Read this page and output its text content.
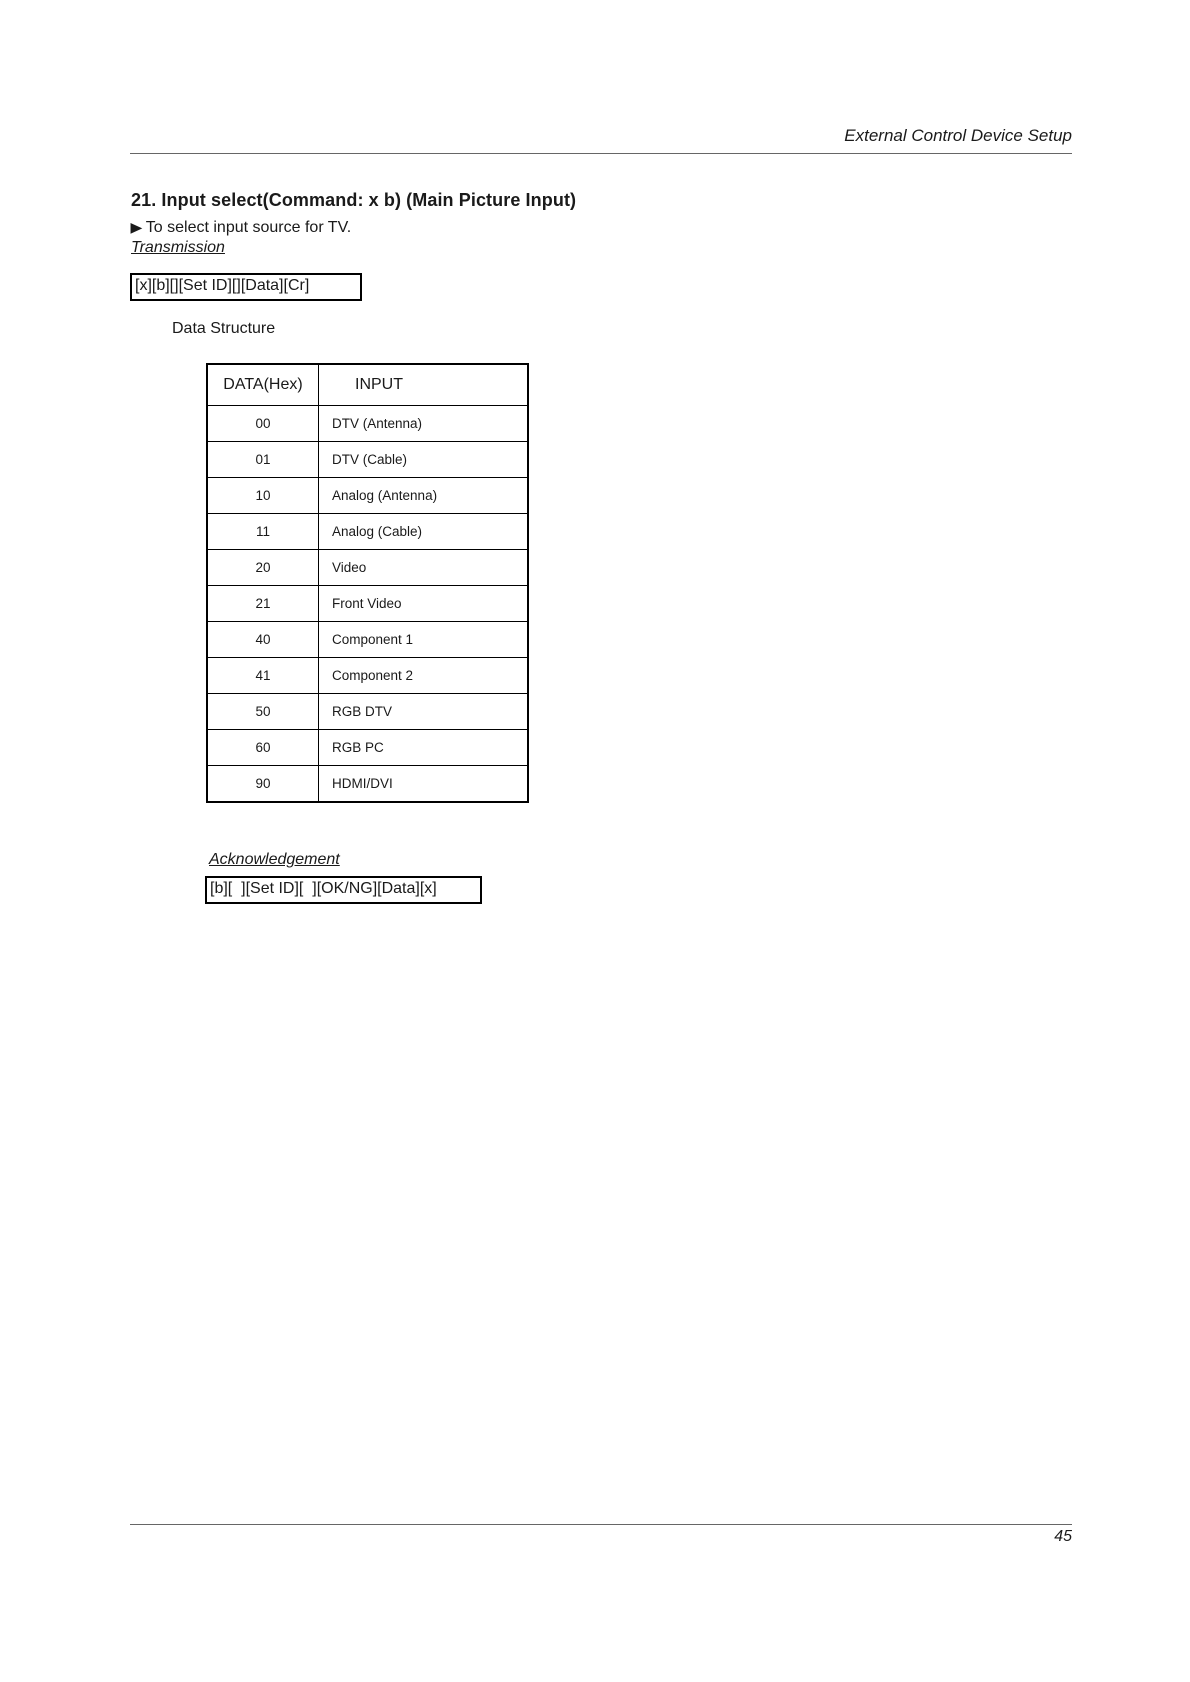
External Control Device Setup
21. Input select(Command: x b) (Main Picture Input)
▶ To select input source for TV.
Transmission
[x][b][][Set ID][][Data][Cr]
Data Structure
DATA(Hex)	INPUT
00	DTV (Antenna)
01	DTV (Cable)
10	Analog (Antenna)
11	Analog (Cable)
20	Video
21	Front Video
40	Component 1
41	Component 2
50	RGB DTV
60	RGB PC
90	HDMI/DVI
Acknowledgement
[b][  ][Set ID][  ][OK/NG][Data][x]
45
